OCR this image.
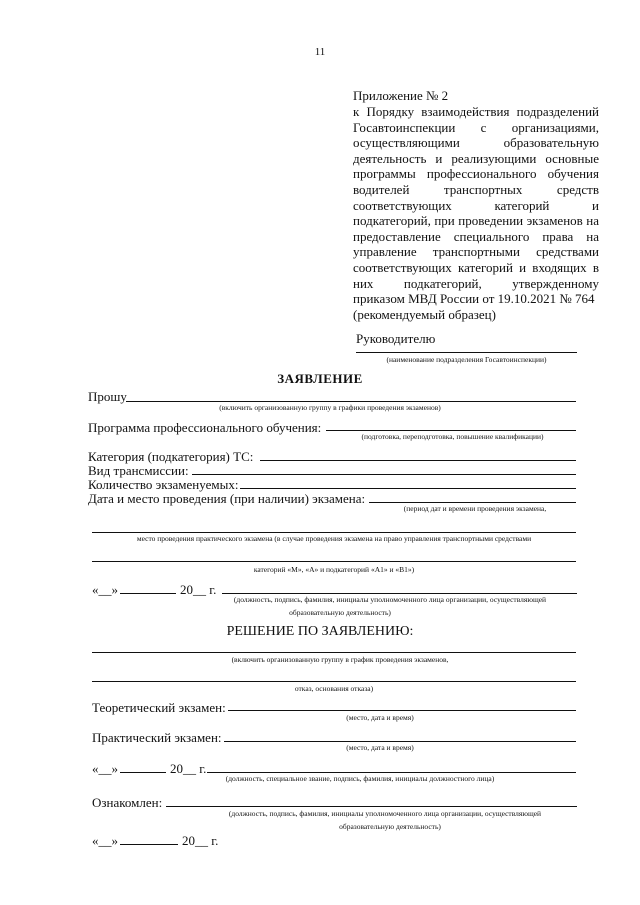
11
Приложение № 2
к Порядку взаимодействия подразделений Госавтоинспекции с организациями, осуществляющими образовательную деятельность и реализующими основные программы профессионального обучения водителей транспортных средств соответствующих категорий и подкатегорий, при проведении экзаменов на предоставление специального права на управление транспортными средствами соответствующих категорий и входящих в них подкатегорий, утвержденному приказом МВД России от 19.10.2021 № 764
(рекомендуемый образец)
Руководителю
(наименование подразделения Госавтоинспекции)
ЗАЯВЛЕНИЕ
Прошу
(включить организованную группу в графики проведения экзаменов)
Программа профессионального обучения:
(подготовка, переподготовка, повышение квалификации)
Категория (подкатегория) ТС:
Вид трансмиссии:
Количество экзаменуемых:
Дата и место проведения (при наличии) экзамена:
(период дат и времени проведения экзамена,
место проведения практического экзамена (в случае проведения экзамена на право управления транспортными средствами
категорий «М», «А» и подкатегорий «A1» и «B1»)
«__»	20__ г.
(должность, подпись, фамилия, инициалы уполномоченного лица организации, осуществляющей
образовательную деятельность)
РЕШЕНИЕ ПО ЗАЯВЛЕНИЮ:
(включить организованную группу в график проведения экзаменов,
отказ, основания отказа)
Теоретический экзамен:
(место, дата и время)
Практический экзамен:
(место, дата и время)
«__»	20__ г.
(должность, специальное звание, подпись, фамилия, инициалы должностного лица)
Ознакомлен:
(должность, подпись, фамилия, инициалы уполномоченного лица организации, осуществляющей
образовательную деятельность)
«__»	20__ г.
